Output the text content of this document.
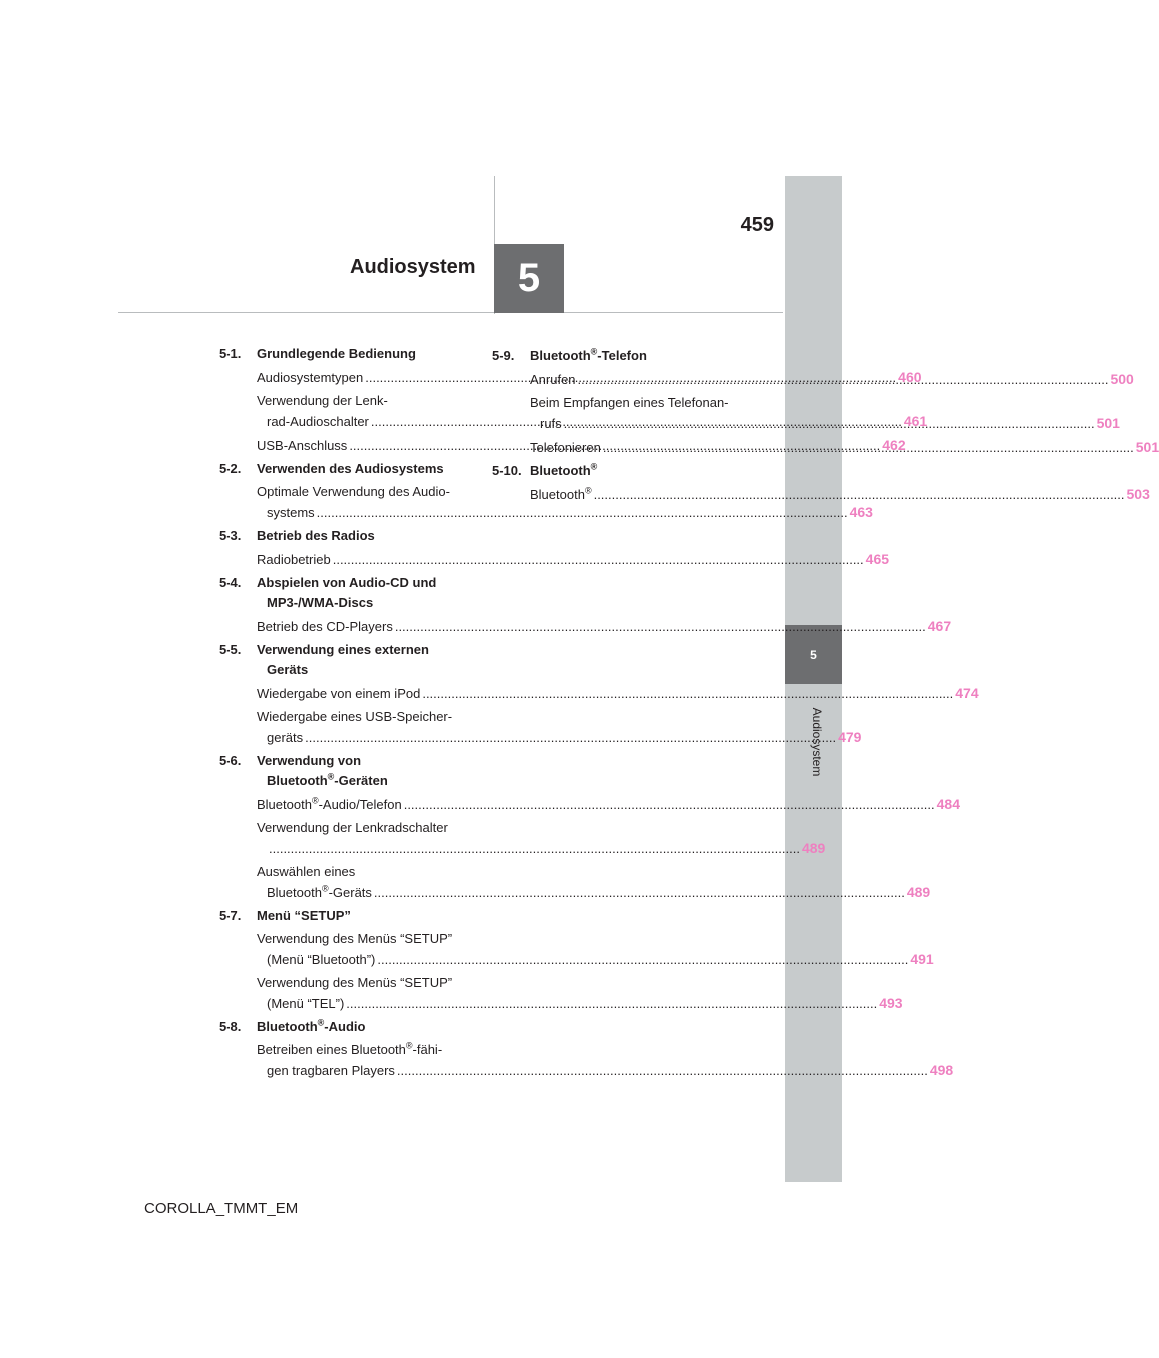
459
Audiosystem 5
5
Audiosystem
5-1. Grundlegende Bedienung
Audiosystemtypen .....	460
Verwendung der Lenk-
rad-Audioschalter .....	461
USB-Anschluss .....	462
5-2. Verwenden des Audiosystems
Optimale Verwendung des Audio-
systems .....	463
5-3. Betrieb des Radios
Radiobetrieb .....	465
5-4. Abspielen von Audio-CD und
MP3-/WMA-Discs
Betrieb des CD-Players .....	467
5-5. Verwendung eines externen
Geräts
Wiedergabe von einem iPod .....	474
Wiedergabe eines USB-Speicher-
geräts .....	479
5-6. Verwendung von
Bluetooth®-Geräten
Bluetooth®-Audio/Telefon .....	484
Verwendung der Lenkradschalter
..... 489
Auswählen eines
Bluetooth®-Geräts .....	489
5-7. Menü “SETUP”
Verwendung des Menüs “SETUP”
(Menü “Bluetooth”) .....	491
Verwendung des Menüs “SETUP”
(Menü “TEL”) .....	493
5-8. Bluetooth®-Audio
Betreiben eines Bluetooth®-fähi-
gen tragbaren Players .....	498
5-9. Bluetooth®-Telefon
Anrufen .....	500
Beim Empfangen eines Telefonan-
rufs .....	501
Telefonieren .....	501
5-10. Bluetooth®
Bluetooth® .....	503
COROLLA_TMMT_EM
